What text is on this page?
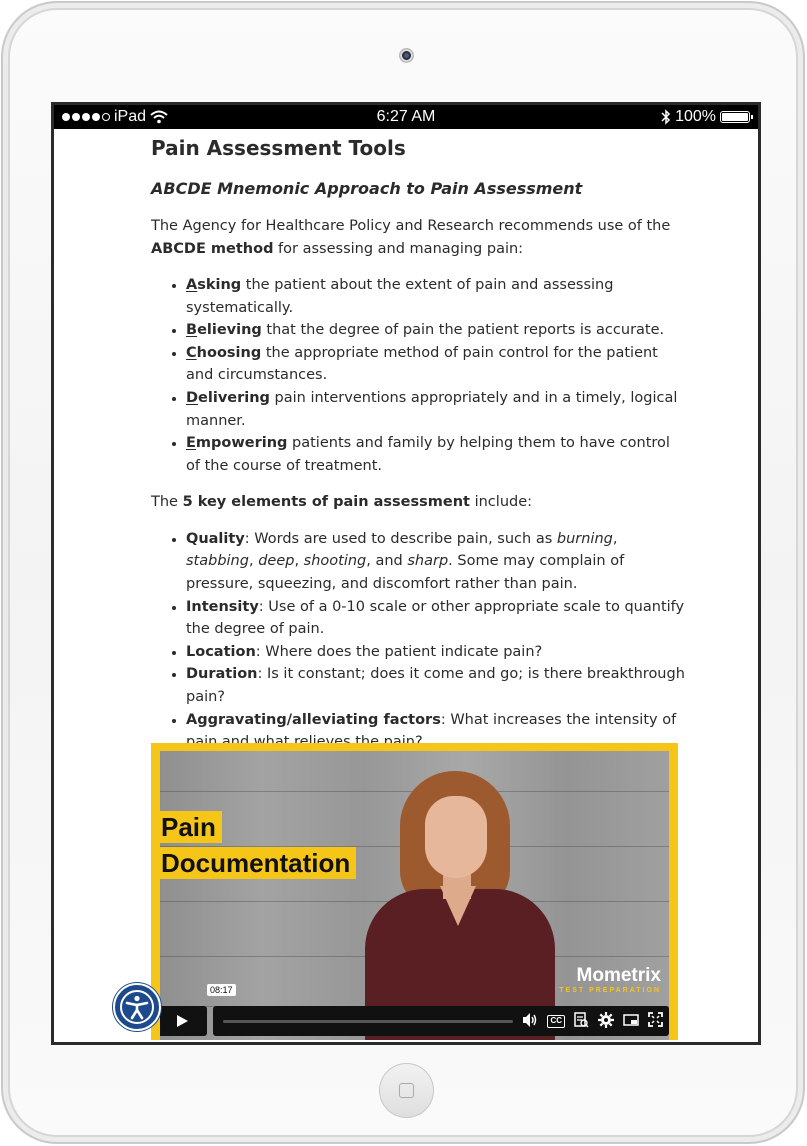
iPad	6:27 AM	100%
Pain Assessment Tools
ABCDE Mnemonic Approach to Pain Assessment

The Agency for Healthcare Policy and Research recommends use of the ABCDE method for assessing and managing pain:

• Asking the patient about the extent of pain and assessing systematically.
• Believing that the degree of pain the patient reports is accurate.
• Choosing the appropriate method of pain control for the patient and circumstances.
• Delivering pain interventions appropriately and in a timely, logical manner.
• Empowering patients and family by helping them to have control of the course of treatment.

The 5 key elements of pain assessment include:

• Quality: Words are used to describe pain, such as burning, stabbing, deep, shooting, and sharp. Some may complain of pressure, squeezing, and discomfort rather than pain.
• Intensity: Use of a 0-10 scale or other appropriate scale to quantify the degree of pain.
• Location: Where does the patient indicate pain?
• Duration: Is it constant; does it come and go; is there breakthrough pain?
• Aggravating/alleviating factors: What increases the intensity of
Pain
Documentation
Mometrix
TEST PREPARATION
08:17
CC
